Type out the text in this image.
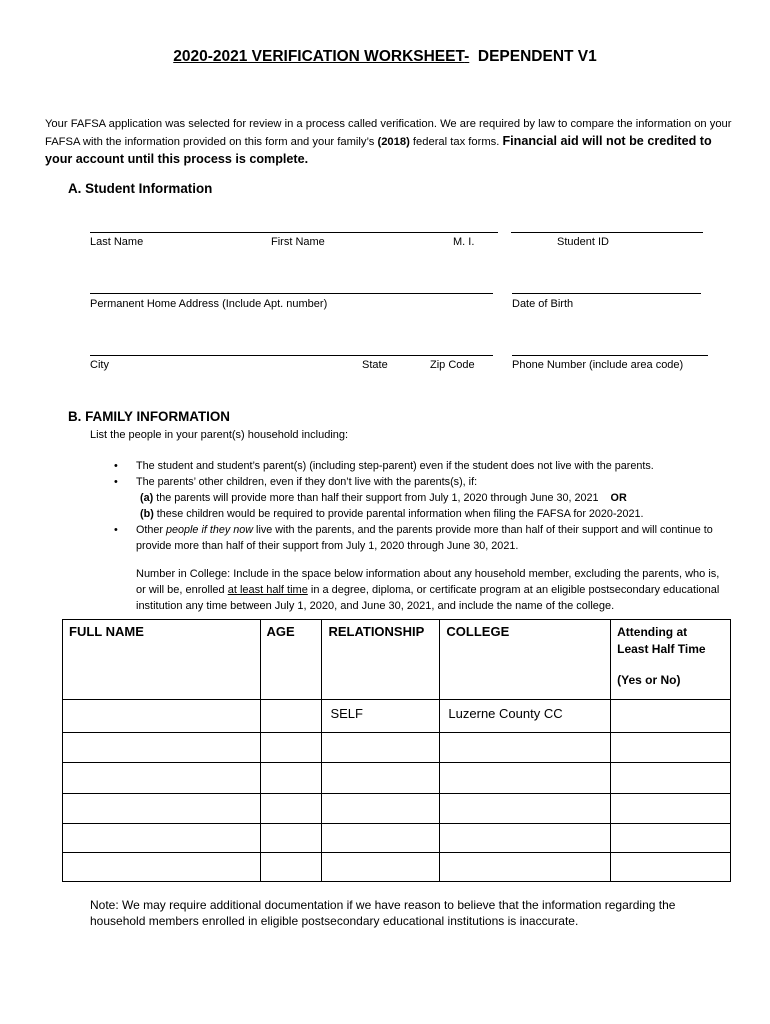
2020-2021 VERIFICATION WORKSHEET- DEPENDENT V1
Your FAFSA application was selected for review in a process called verification. We are required by law to compare the information on your FAFSA with the information provided on this form and your family’s (2018) federal tax forms. Financial aid will not be credited to your account until this process is complete.
A. Student Information
Last Name	First Name	M. I.	Student ID
Permanent Home Address (Include Apt. number)	Date of Birth
City	State	Zip Code	Phone Number (include area code)
B. FAMILY INFORMATION
List the people in your parent(s) household including:
• The student and student’s parent(s) (including step-parent) even if the student does not live with the parents.
• The parents’ other children, even if they don’t live with the parents(s), if:
(a) the parents will provide more than half their support from July 1, 2020 through June 30, 2021 OR
(b) these children would be required to provide parental information when filing the FAFSA for 2020-2021.
• Other people if they now live with the parents, and the parents provide more than half of their support and will continue to provide more than half of their support from July 1, 2020 through June 30, 2021.
Number in College: Include in the space below information about any household member, excluding the parents, who is, or will be, enrolled at least half time in a degree, diploma, or certificate program at an eligible postsecondary educational institution any time between July 1, 2020, and June 30, 2021, and include the name of the college.
FULL NAME	AGE	RELATIONSHIP	COLLEGE	Attending at
Least Half Time
(Yes or No)

		SELF	Luzerne County CC	

Note: We may require additional documentation if we have reason to believe that the information regarding the household members enrolled in eligible postsecondary educational institutions is inaccurate.
